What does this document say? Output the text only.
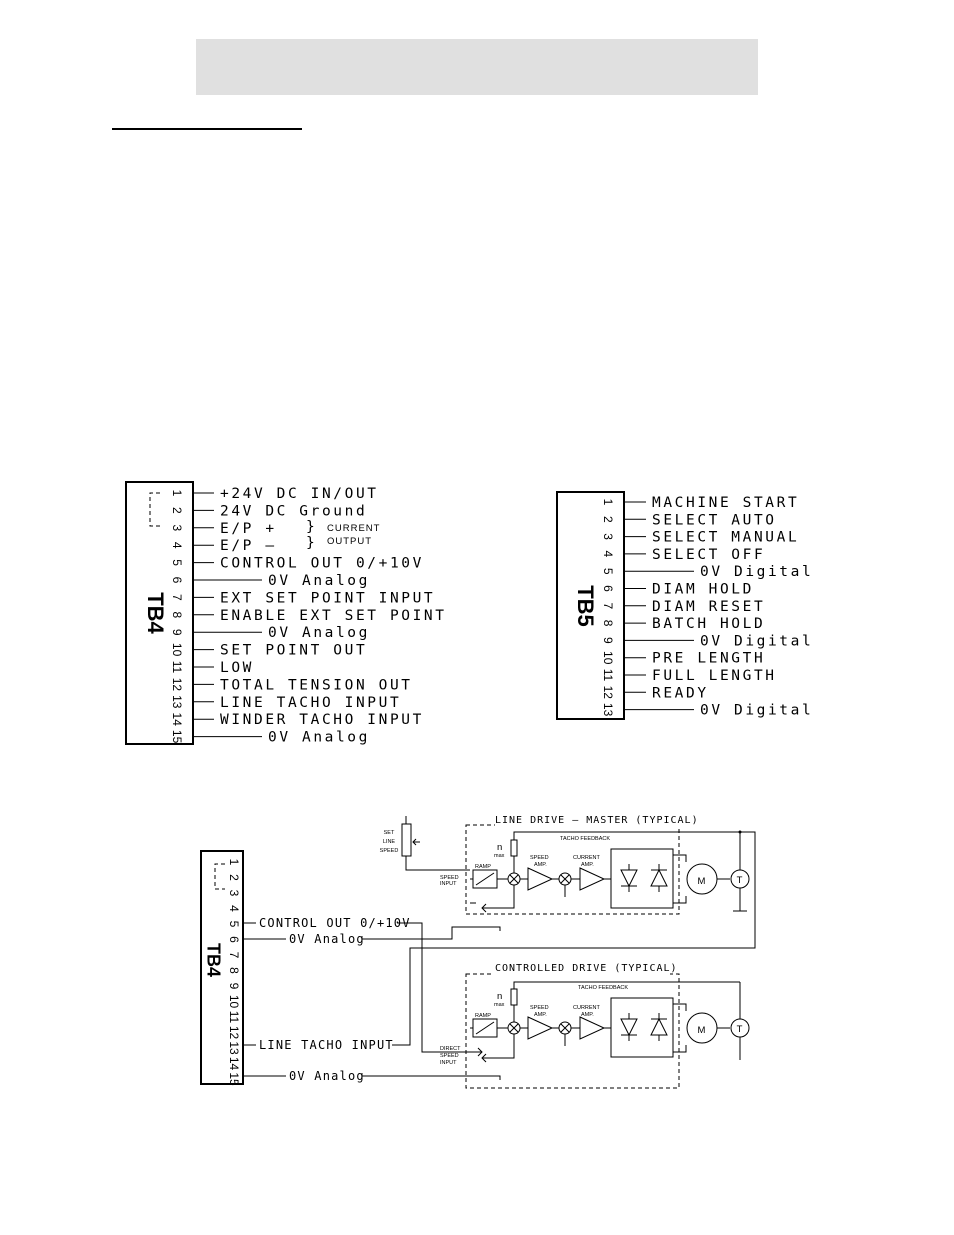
TB4
1
2
3
4
5
6
7
8
9
10
11
12
13
14
15
+24V DC IN/OUT
24V DC Ground
E/P +
E/P –
CONTROL OUT 0/+10V
0V Analog
EXT SET POINT INPUT
ENABLE EXT SET POINT
0V Analog
SET POINT OUT
LOW
TOTAL TENSION OUT
LINE TACHO INPUT
WINDER TACHO INPUT
0V Analog
}
}
CURRENT
OUTPUT
TB5
1
2
3
4
5
6
7
8
9
10
11
12
13
MACHINE START
SELECT AUTO
SELECT MANUAL
SELECT OFF
0V Digital
DIAM HOLD
DIAM RESET
BATCH HOLD
0V Digital
PRE LENGTH
FULL LENGTH
READY
0V Digital
TB4
1
2
3
4
5
6
7
8
9
10
11
12
13
14
15
CONTROL OUT 0/+10V
0V Analog
LINE TACHO INPUT
0V Analog
SET
LINE
SPEED
LINE DRIVE – MASTER (TYPICAL)
TACHO FEEDBACK
n
max
SPEED
INPUT
RAMP
SPEED
AMP.
CURRENT
AMP.
M	T
CONTROLLED DRIVE (TYPICAL)
TACHO FEEDBACK
n
max
RAMP
DIRECT
SPEED
INPUT
SPEED
AMP.
CURRENT
AMP.
M	T
